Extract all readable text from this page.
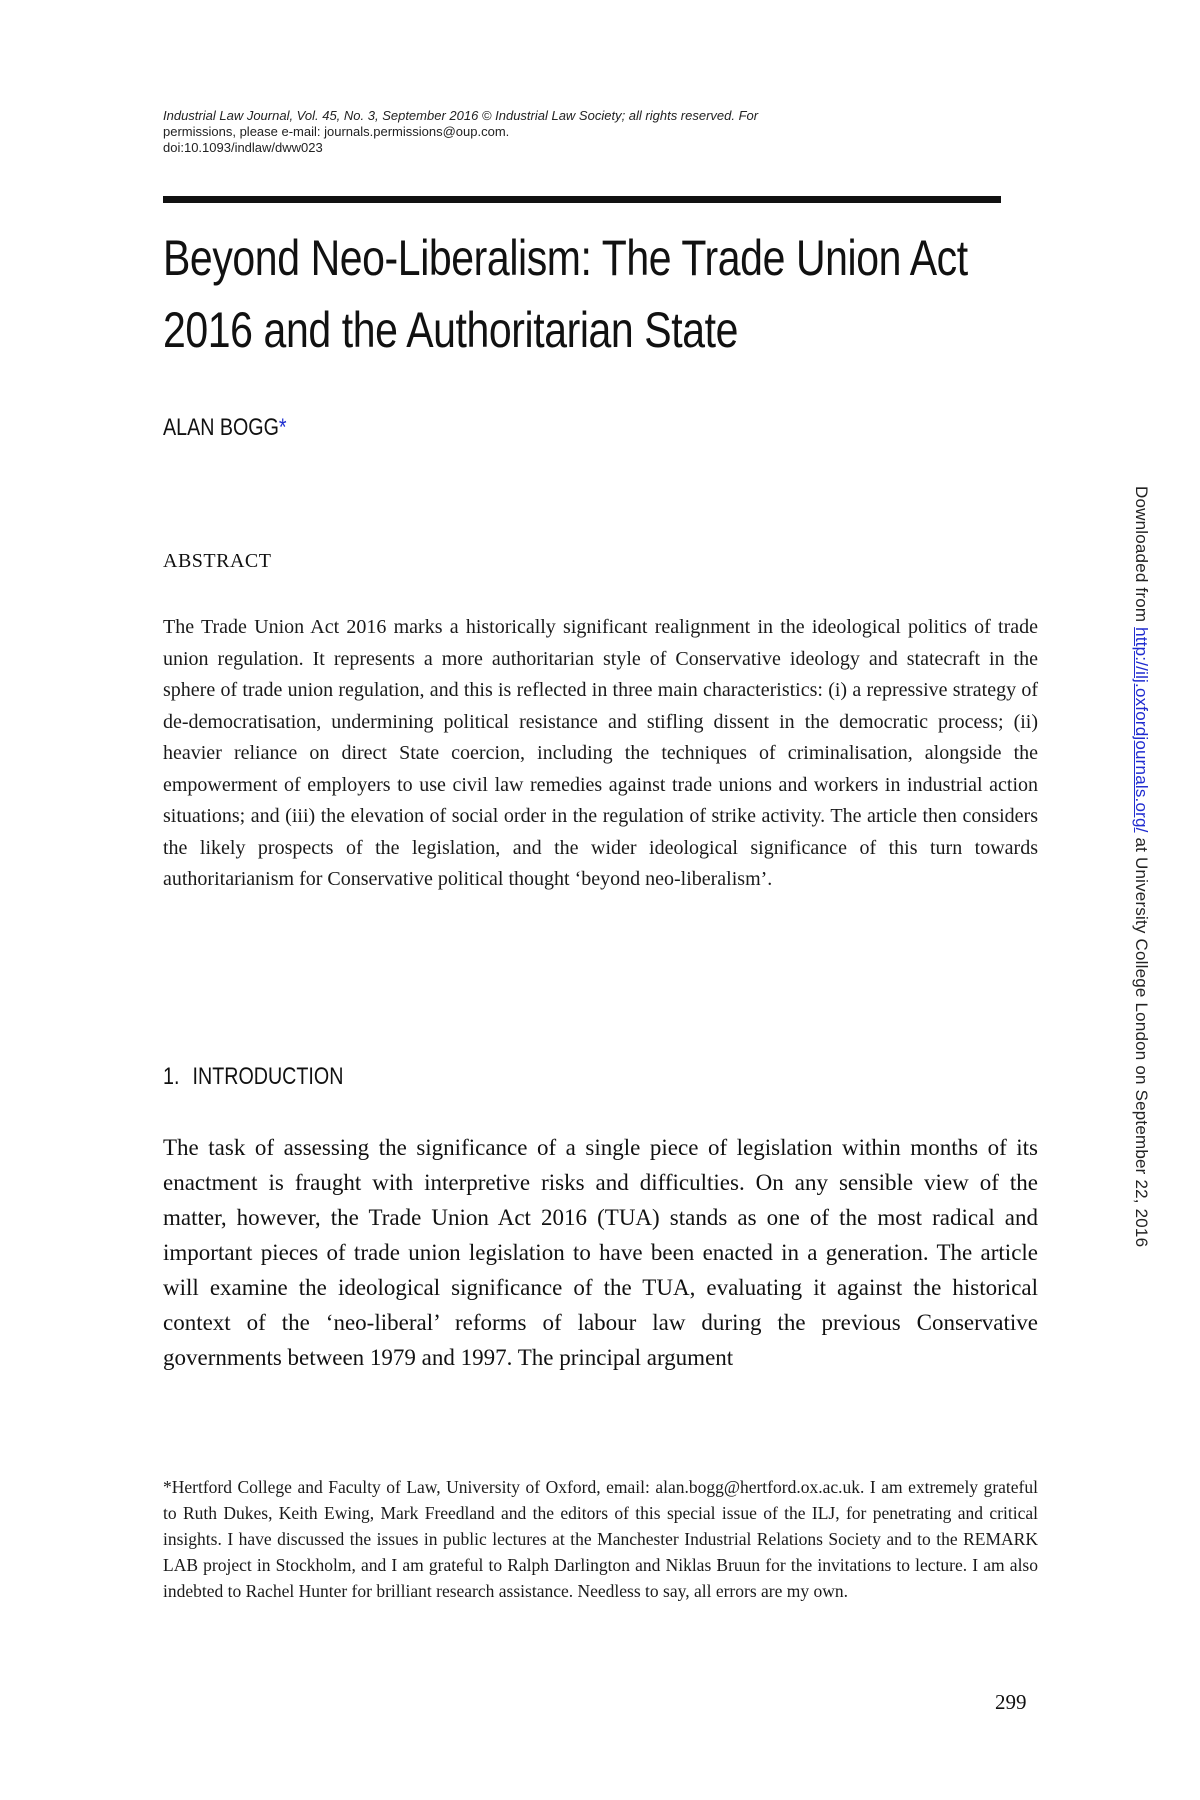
Industrial Law Journal, Vol. 45, No. 3, September 2016 © Industrial Law Society; all rights reserved. For
permissions, please e-mail: journals.permissions@oup.com.
doi:10.1093/indlaw/dww023
Beyond Neo-Liberalism: The Trade Union Act
2016 and the Authoritarian State
ALAN BOGG*
ABSTRACT
The Trade Union Act 2016 marks a historically significant realignment in the ideological politics of trade union regulation. It represents a more authoritarian style of Conservative ideology and statecraft in the sphere of trade union regulation, and this is reflected in three main characteristics: (i) a repressive strategy of de-democratisation, undermining political resistance and stifling dissent in the democratic process; (ii) heavier reliance on direct State coercion, including the techniques of criminalisation, alongside the empowerment of employers to use civil law remedies against trade unions and workers in industrial action situations; and (iii) the elevation of social order in the regulation of strike activity. The article then considers the likely prospects of the legislation, and the wider ideological significance of this turn towards authoritarianism for Conservative political thought ‘beyond neo-liberalism’.
1. INTRODUCTION
The task of assessing the significance of a single piece of legislation within months of its enactment is fraught with interpretive risks and difficulties. On any sensible view of the matter, however, the Trade Union Act 2016 (TUA) stands as one of the most radical and important pieces of trade union legislation to have been enacted in a generation. The article will examine the ideological significance of the TUA, evaluating it against the historical context of the ‘neo-liberal’ reforms of labour law during the previous Conservative governments between 1979 and 1997. The principal argument
*Hertford College and Faculty of Law, University of Oxford, email: alan.bogg@hertford.ox.ac.uk. I am extremely grateful to Ruth Dukes, Keith Ewing, Mark Freedland and the editors of this special issue of the ILJ, for penetrating and critical insights. I have discussed the issues in public lectures at the Manchester Industrial Relations Society and to the REMARK LAB project in Stockholm, and I am grateful to Ralph Darlington and Niklas Bruun for the invitations to lecture. I am also indebted to Rachel Hunter for brilliant research assistance. Needless to say, all errors are my own.
299
Downloaded from http://ilj.oxfordjournals.org/ at University College London on September 22, 2016
